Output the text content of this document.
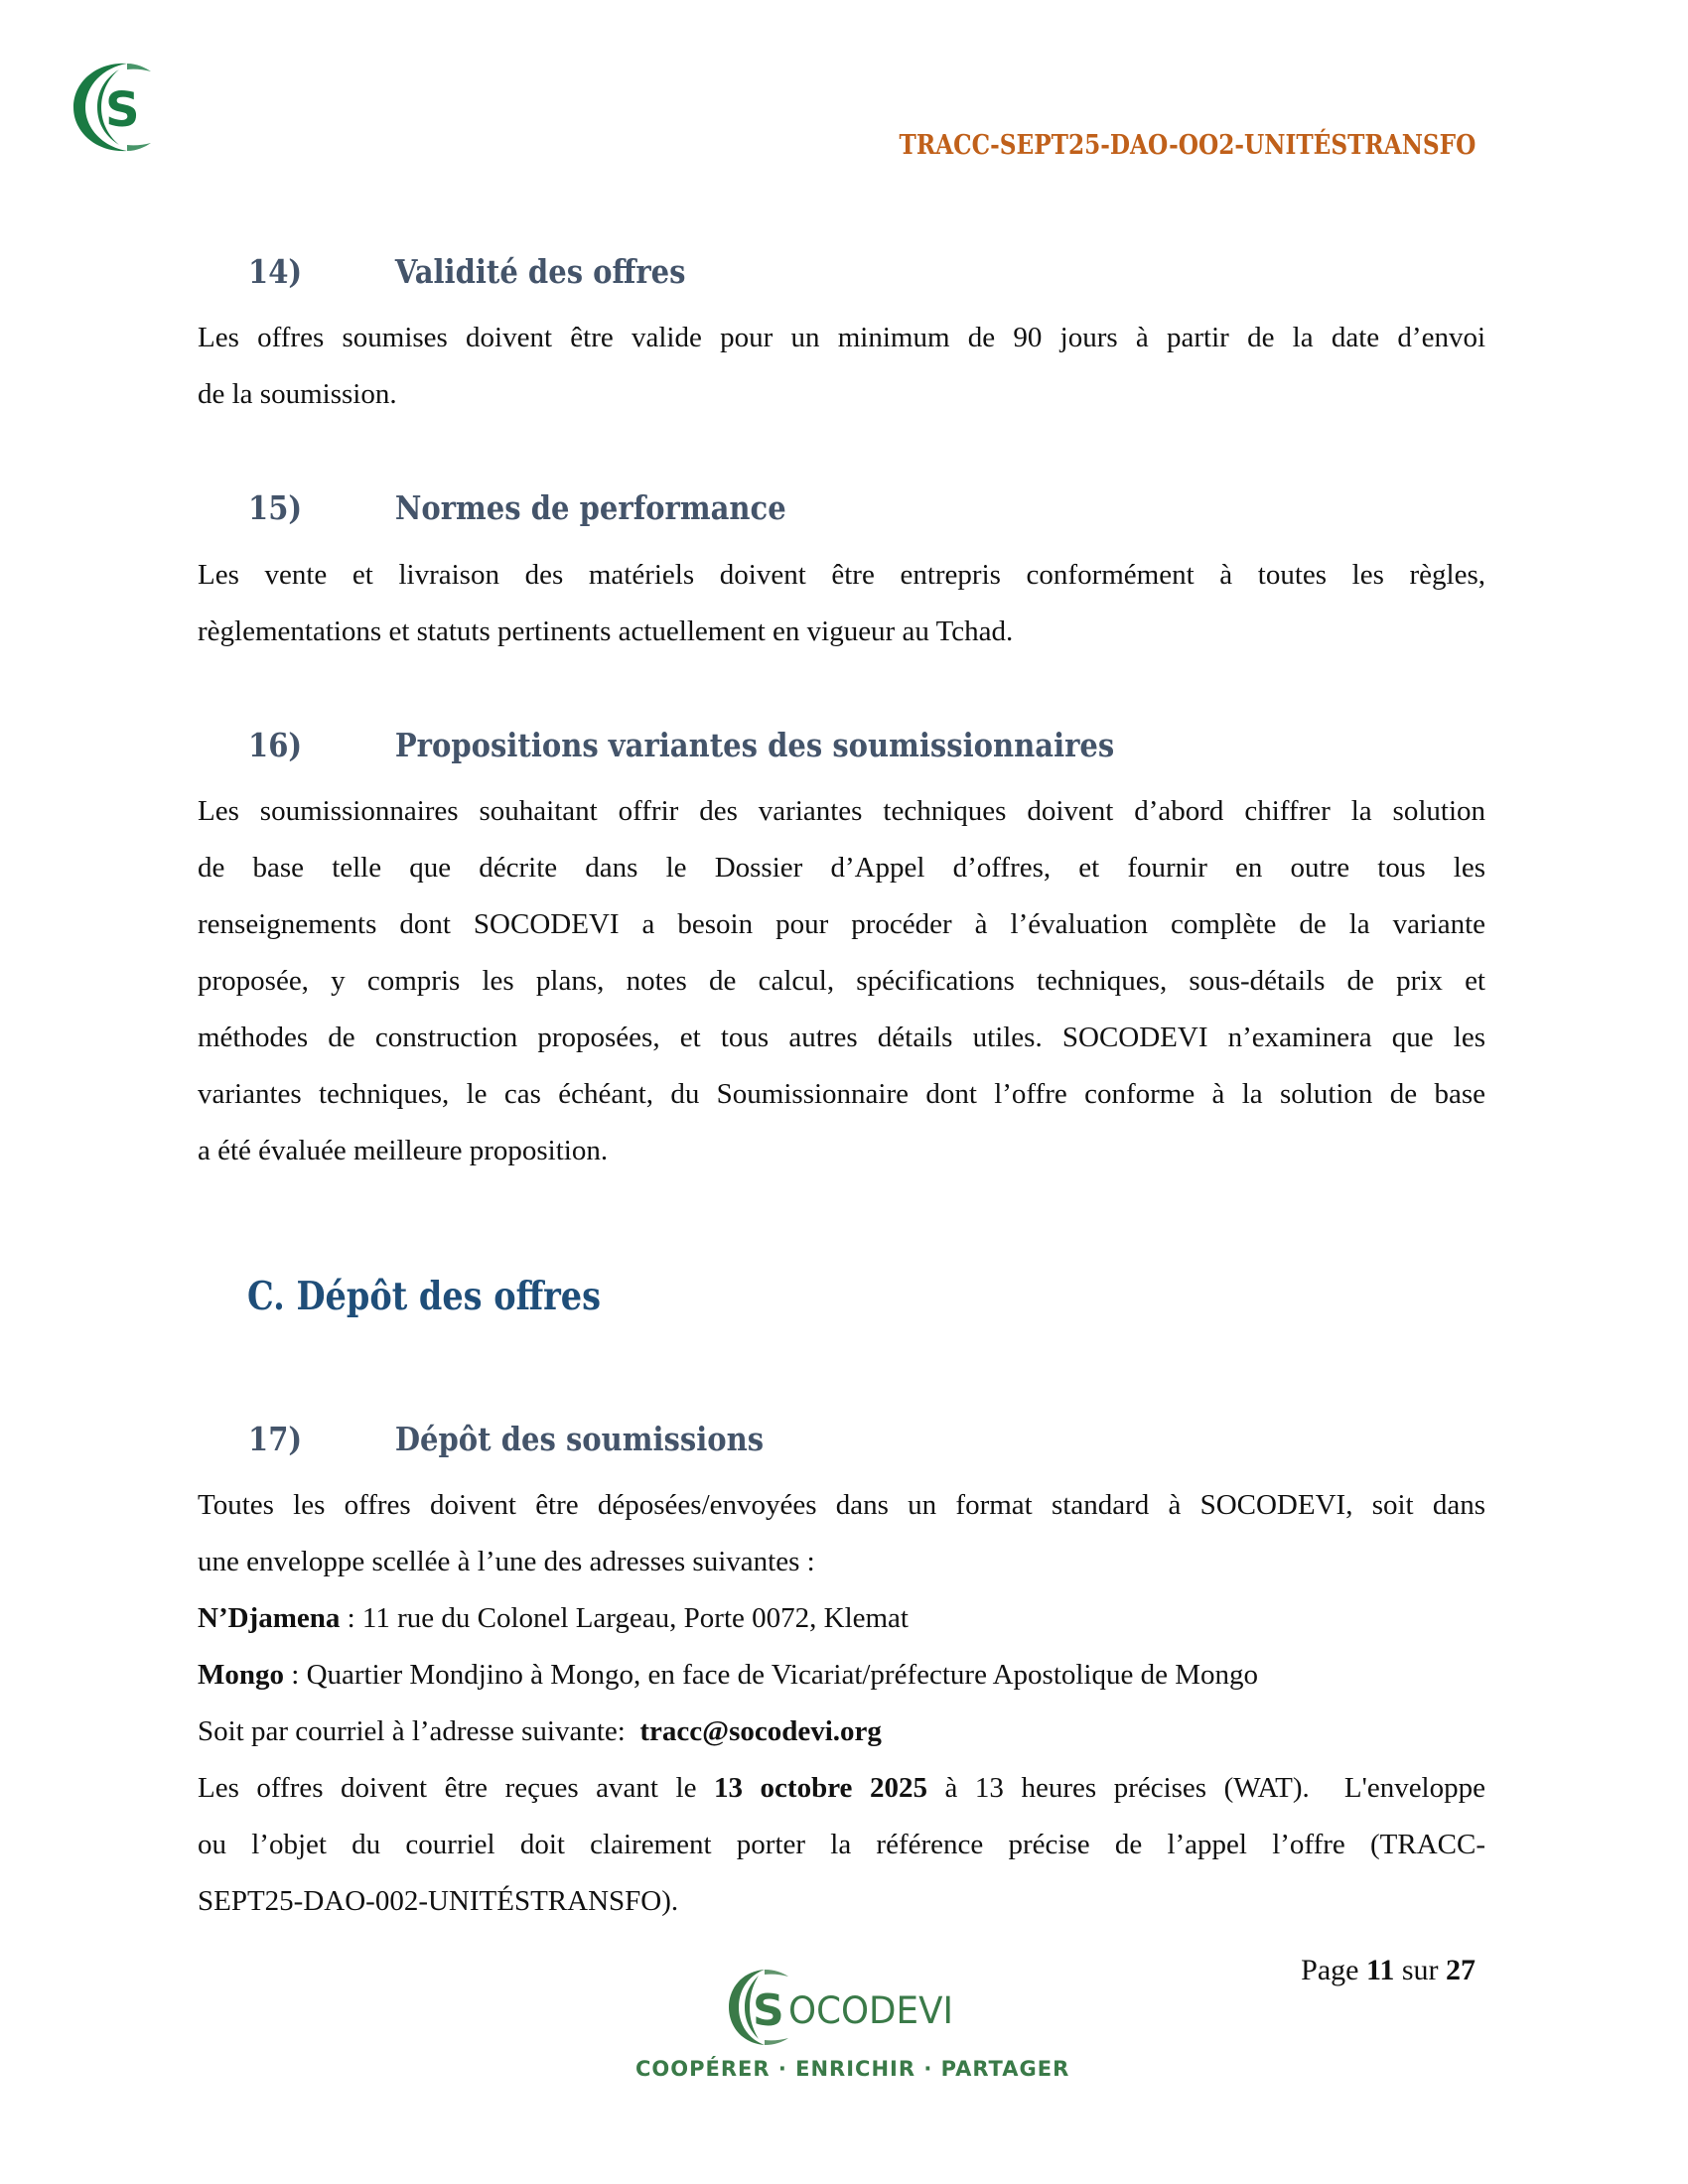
S
TRACC-SEPT25-DAO-OO2-UNITÉSTRANSFO
14)	Validité des offres
Les offres soumises doivent être valide pour un minimum de 90 jours à partir de la date d’envoi
de la soumission.
15)	Normes de performance
Les vente et livraison des matériels doivent être entrepris conformément à toutes les règles,
règlementations et statuts pertinents actuellement en vigueur au Tchad.
16)	Propositions variantes des soumissionnaires
Les soumissionnaires souhaitant offrir des variantes techniques doivent d’abord chiffrer la solution
de base telle que décrite dans le Dossier d’Appel d’offres, et fournir en outre tous les
renseignements dont SOCODEVI a besoin pour procéder à l’évaluation complète de la variante
proposée, y compris les plans, notes de calcul, spécifications techniques, sous-détails de prix et
méthodes de construction proposées, et tous autres détails utiles. SOCODEVI n’examinera que les
variantes techniques, le cas échéant, du Soumissionnaire dont l’offre conforme à la solution de base
a été évaluée meilleure proposition.
C. Dépôt des offres
17)	Dépôt des soumissions
Toutes les offres doivent être déposées/envoyées dans un format standard à SOCODEVI, soit dans
une enveloppe scellée à l’une des adresses suivantes :
N’Djamena : 11 rue du Colonel Largeau, Porte 0072, Klemat
Mongo : Quartier Mondjino à Mongo, en face de Vicariat/préfecture Apostolique de Mongo
Soit par courriel à l’adresse suivante:  tracc@socodevi.org
Les offres doivent être reçues avant le 13 octobre 2025 à 13 heures précises (WAT).  L'enveloppe
ou l’objet du courriel doit clairement porter la référence précise de l’appel l’offre (TRACC-
SEPT25-DAO-002-UNITÉSTRANSFO).
S OCODEVI
COOPÉRER · ENRICHIR · PARTAGER
Page 11 sur 27
